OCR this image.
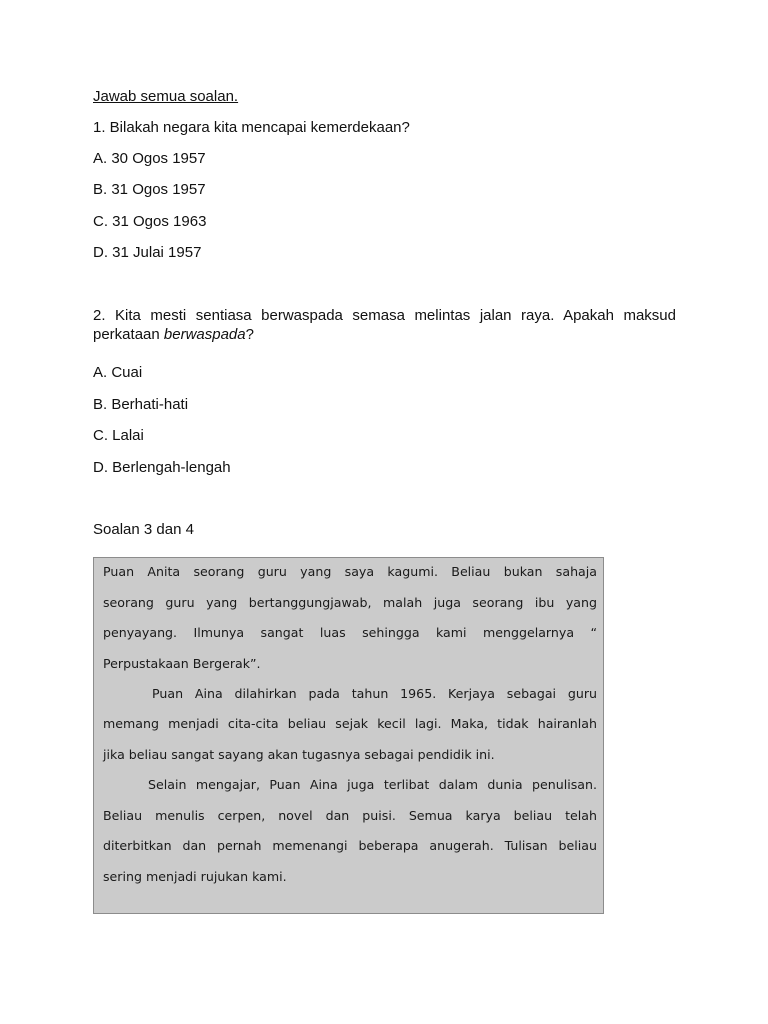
Jawab semua soalan.
1. Bilakah negara kita mencapai kemerdekaan?
A. 30 Ogos 1957
B. 31 Ogos 1957
C. 31 Ogos 1963
D. 31 Julai 1957
2. Kita mesti sentiasa berwaspada semasa melintas jalan raya. Apakah maksud
perkataan berwaspada?
A. Cuai
B. Berhati-hati
C. Lalai
D. Berlengah-lengah
Soalan 3 dan 4
Puan Anita seorang guru yang saya kagumi. Beliau bukan sahaja
seorang guru yang bertanggungjawab, malah juga seorang ibu yang
penyayang. Ilmunya sangat luas sehingga kami menggelarnya “
Perpustakaan Bergerak”.
Puan Aina dilahirkan pada tahun 1965. Kerjaya sebagai guru
memang menjadi cita-cita beliau sejak kecil lagi. Maka, tidak hairanlah
jika beliau sangat sayang akan tugasnya sebagai pendidik ini.
Selain mengajar, Puan Aina juga terlibat dalam dunia penulisan.
Beliau menulis cerpen, novel dan puisi. Semua karya beliau telah
diterbitkan dan pernah memenangi beberapa anugerah. Tulisan beliau
sering menjadi rujukan kami.
